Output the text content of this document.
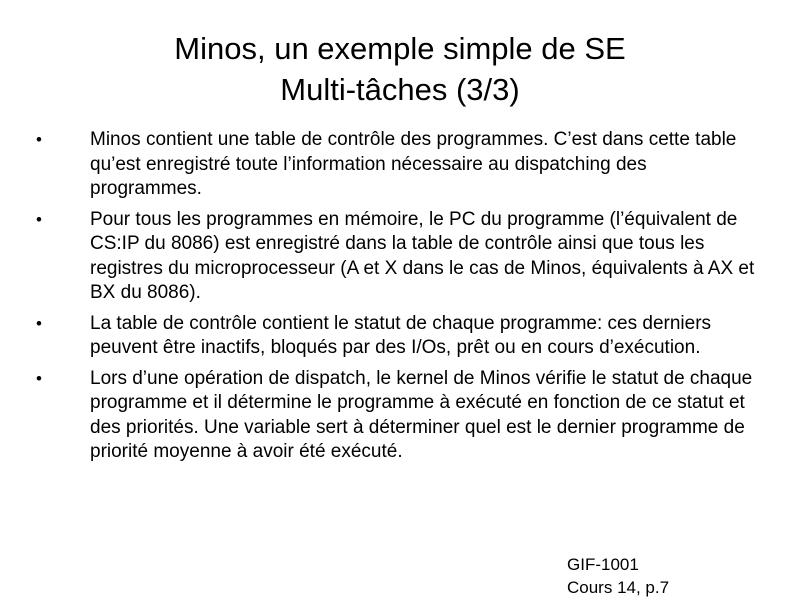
Minos, un exemple simple de SE
Multi-tâches (3/3)
•	Minos contient une table de contrôle des programmes. C’est dans cette table qu’est enregistré toute l’information nécessaire au dispatching des programmes.
•	Pour tous les programmes en mémoire, le PC du programme (l’équivalent de CS:IP du 8086) est enregistré dans la table de contrôle ainsi que tous les registres du microprocesseur (A et X dans le cas de Minos, équivalents à AX et BX du 8086).
•	La table de contrôle contient le statut de chaque programme: ces derniers peuvent être inactifs, bloqués par des I/Os, prêt ou en cours d’exécution.
•	Lors d’une opération de dispatch, le kernel de Minos vérifie le statut de chaque programme et il détermine le programme à exécuté en fonction de ce statut et des priorités. Une variable sert à déterminer quel est le dernier programme de priorité moyenne à avoir été exécuté.
GIF-1001
Cours 14, p.7
